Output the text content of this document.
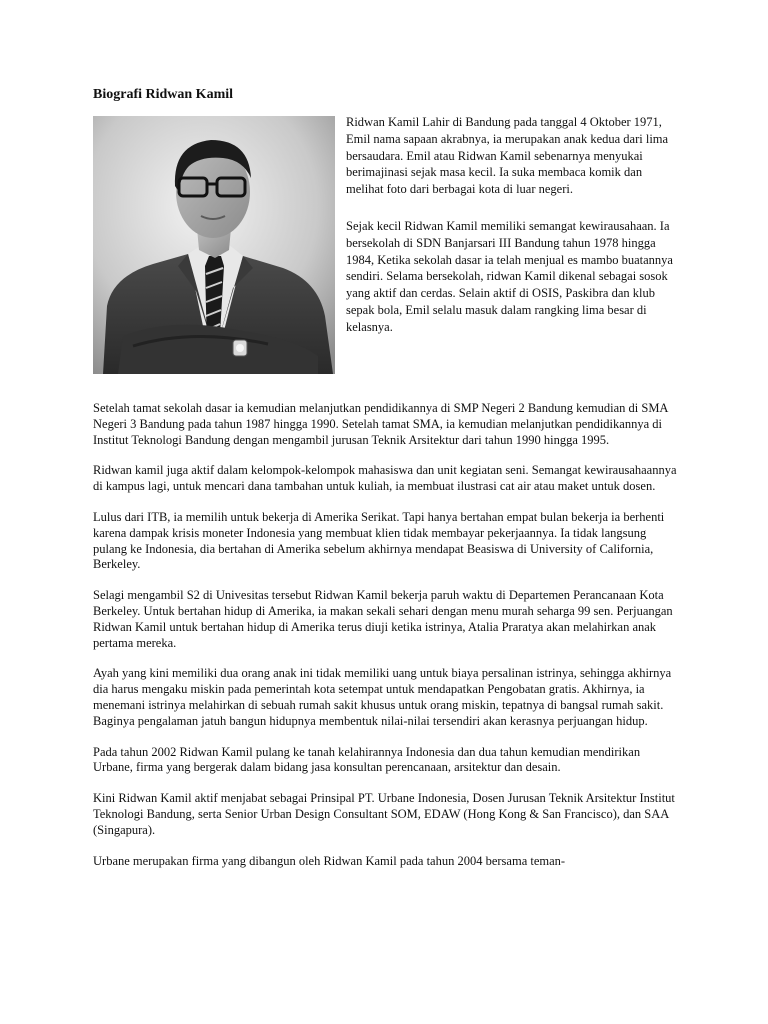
Biografi Ridwan Kamil

Ridwan Kamil Lahir di Bandung pada tanggal 4 Oktober 1971, Emil nama sapaan akrabnya, ia merupakan anak kedua dari lima bersaudara. Emil atau Ridwan Kamil sebenarnya menyukai berimajinasi sejak masa kecil. Ia suka membaca komik dan melihat foto dari berbagai kota di luar negeri.

Sejak kecil Ridwan Kamil memiliki semangat kewirausahaan. Ia bersekolah di SDN Banjarsari III Bandung tahun 1978 hingga 1984, Ketika sekolah dasar ia telah menjual es mambo buatannya sendiri. Selama bersekolah, ridwan Kamil dikenal sebagai sosok yang aktif dan cerdas. Selain aktif di OSIS, Paskibra dan klub sepak bola, Emil selalu masuk dalam rangking lima besar di kelasnya.

Setelah tamat sekolah dasar ia kemudian melanjutkan pendidikannya di SMP Negeri 2 Bandung kemudian di SMA Negeri 3 Bandung pada tahun 1987 hingga 1990. Setelah tamat SMA, ia kemudian melanjutkan pendidikannya di Institut Teknologi Bandung dengan mengambil jurusan Teknik Arsitektur dari tahun 1990 hingga 1995.

Ridwan kamil juga aktif dalam kelompok-kelompok mahasiswa dan unit kegiatan seni. Semangat kewirausahaannya di kampus lagi, untuk mencari dana tambahan untuk kuliah, ia membuat ilustrasi cat air atau maket untuk dosen.

Lulus dari ITB, ia memilih untuk bekerja di Amerika Serikat. Tapi hanya bertahan empat bulan bekerja ia berhenti karena dampak krisis moneter Indonesia yang membuat klien tidak membayar pekerjaannya. Ia tidak langsung pulang ke Indonesia, dia bertahan di Amerika sebelum akhirnya mendapat Beasiswa di University of California, Berkeley.

Selagi mengambil S2 di Univesitas tersebut Ridwan Kamil bekerja paruh waktu di Departemen Perancanaan Kota Berkeley. Untuk bertahan hidup di Amerika, ia makan sekali sehari dengan menu murah seharga 99 sen. Perjuangan Ridwan Kamil untuk bertahan hidup di Amerika terus diuji ketika istrinya, Atalia Praratya akan melahirkan anak pertama mereka.

Ayah yang kini memiliki dua orang anak ini tidak memiliki uang untuk biaya persalinan istrinya, sehingga akhirnya dia harus mengaku miskin pada pemerintah kota setempat untuk mendapatkan Pengobatan gratis. Akhirnya, ia menemani istrinya melahirkan di sebuah rumah sakit khusus untuk orang miskin, tepatnya di bangsal rumah sakit. Baginya pengalaman jatuh bangun hidupnya membentuk nilai-nilai tersendiri akan kerasnya perjuangan hidup.

Pada tahun 2002 Ridwan Kamil pulang ke tanah kelahirannya Indonesia dan dua tahun kemudian mendirikan Urbane, firma yang bergerak dalam bidang jasa konsultan perencanaan, arsitektur dan desain.

Kini Ridwan Kamil aktif menjabat sebagai Prinsipal PT. Urbane Indonesia, Dosen Jurusan Teknik Arsitektur Institut Teknologi Bandung, serta Senior Urban Design Consultant SOM, EDAW (Hong Kong & San Francisco), dan SAA (Singapura).

Urbane merupakan firma yang dibangun oleh Ridwan Kamil pada tahun 2004 bersama teman-
